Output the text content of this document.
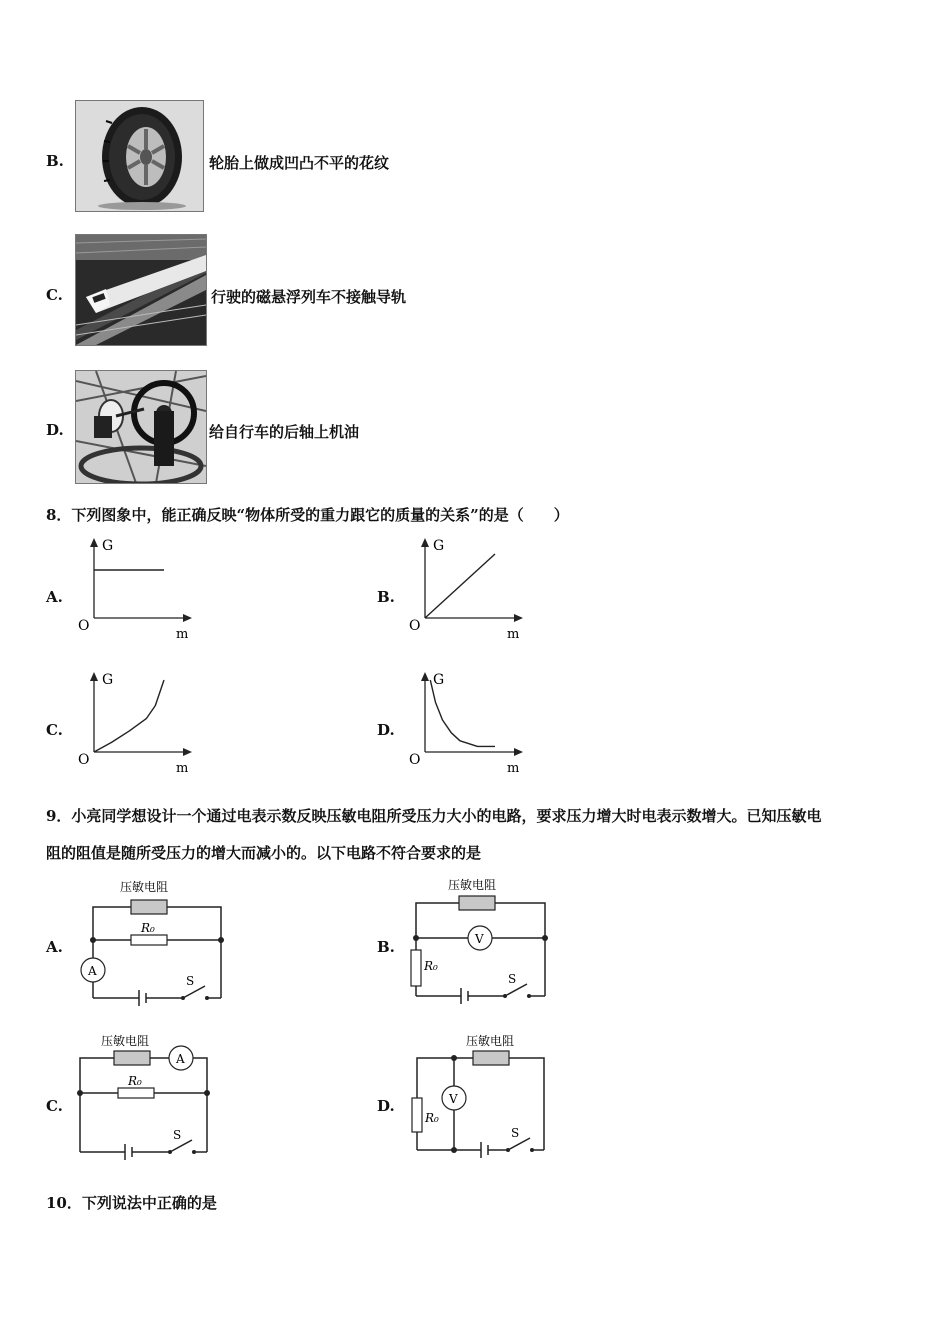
B.	轮胎上做成凹凸不平的花纹
C.	行驶的磁悬浮列车不接触导轨
D.	给自行车的后轴上机油
8．下列图象中，能正确反映“物体所受的重力跟它的质量的关系”的是（　　）
A.	B.
C.	D.
G
m
O
G
m
O
G
m
O
G
m
O
9．小亮同学想设计一个通过电表示数反映压敏电阻所受压力大小的电路，要求压力增大时电表示数增大。已知压敏电
阻的阻值是随所受压力的增大而减小的。以下电路不符合要求的是
A.	B.
C.	D.
压敏电阻
R₀
A
S
压敏电阻
R₀
V
S
压敏电阻
R₀
A
S
压敏电阻
R₀
V
S
10．下列说法中正确的是
